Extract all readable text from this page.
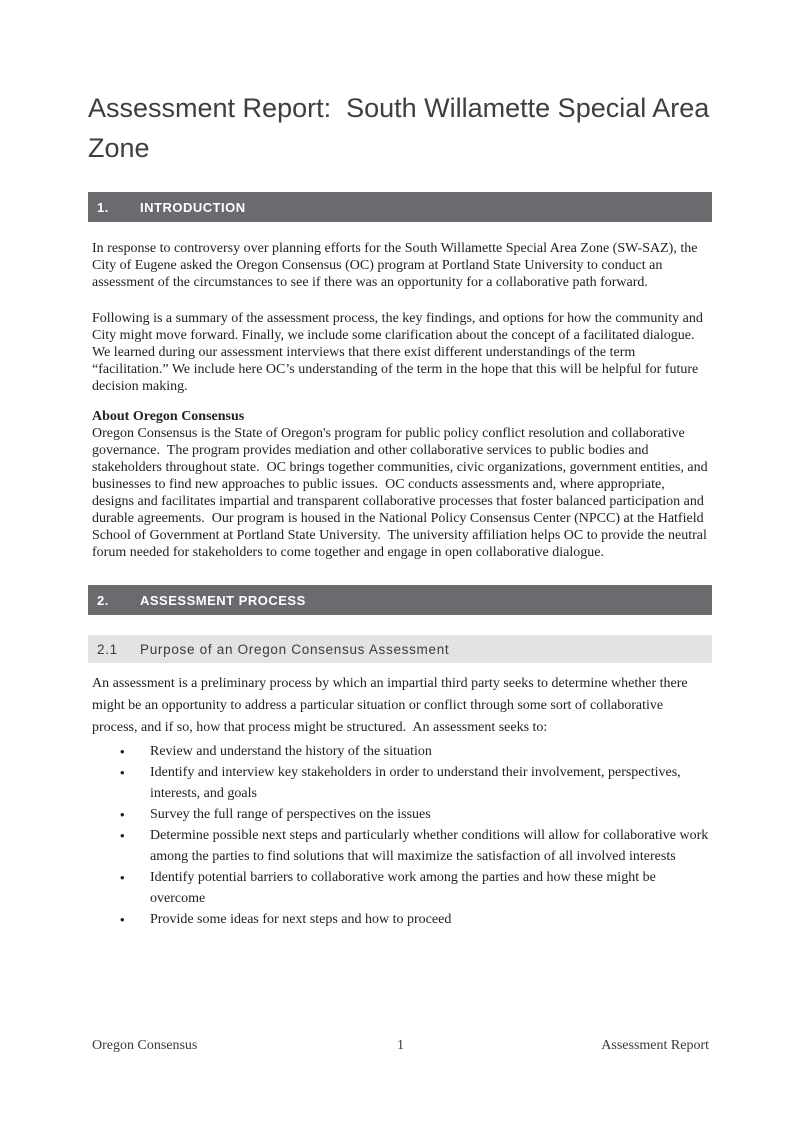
Assessment Report:  South Willamette Special Area Zone
1.	INTRODUCTION

In response to controversy over planning efforts for the South Willamette Special Area Zone (SW-SAZ), the City of Eugene asked the Oregon Consensus (OC) program at Portland State University to conduct an assessment of the circumstances to see if there was an opportunity for a collaborative path forward.

Following is a summary of the assessment process, the key findings, and options for how the community and City might move forward. Finally, we include some clarification about the concept of a facilitated dialogue. We learned during our assessment interviews that there exist different understandings of the term “facilitation.” We include here OC’s understanding of the term in the hope that this will be helpful for future decision making.

About Oregon Consensus

Oregon Consensus is the State of Oregon's program for public policy conflict resolution and collaborative governance.  The program provides mediation and other collaborative services to public bodies and stakeholders throughout state.  OC brings together communities, civic organizations, government entities, and businesses to find new approaches to public issues.  OC conducts assessments and, where appropriate, designs and facilitates impartial and transparent collaborative processes that foster balanced participation and durable agreements.  Our program is housed in the National Policy Consensus Center (NPCC) at the Hatfield School of Government at Portland State University.  The university affiliation helps OC to provide the neutral forum needed for stakeholders to come together and engage in open collaborative dialogue.

2.	ASSESSMENT PROCESS
2.1	Purpose of an Oregon Consensus Assessment

An assessment is a preliminary process by which an impartial third party seeks to determine whether there might be an opportunity to address a particular situation or conflict through some sort of collaborative process, and if so, how that process might be structured.  An assessment seeks to:

• Review and understand the history of the situation
• Identify and interview key stakeholders in order to understand their involvement, perspectives, interests, and goals
• Survey the full range of perspectives on the issues
• Determine possible next steps and particularly whether conditions will allow for collaborative work among the parties to find solutions that will maximize the satisfaction of all involved interests
• Identify potential barriers to collaborative work among the parties and how these might be overcome
• Provide some ideas for next steps and how to proceed
Oregon Consensus	1	Assessment Report
